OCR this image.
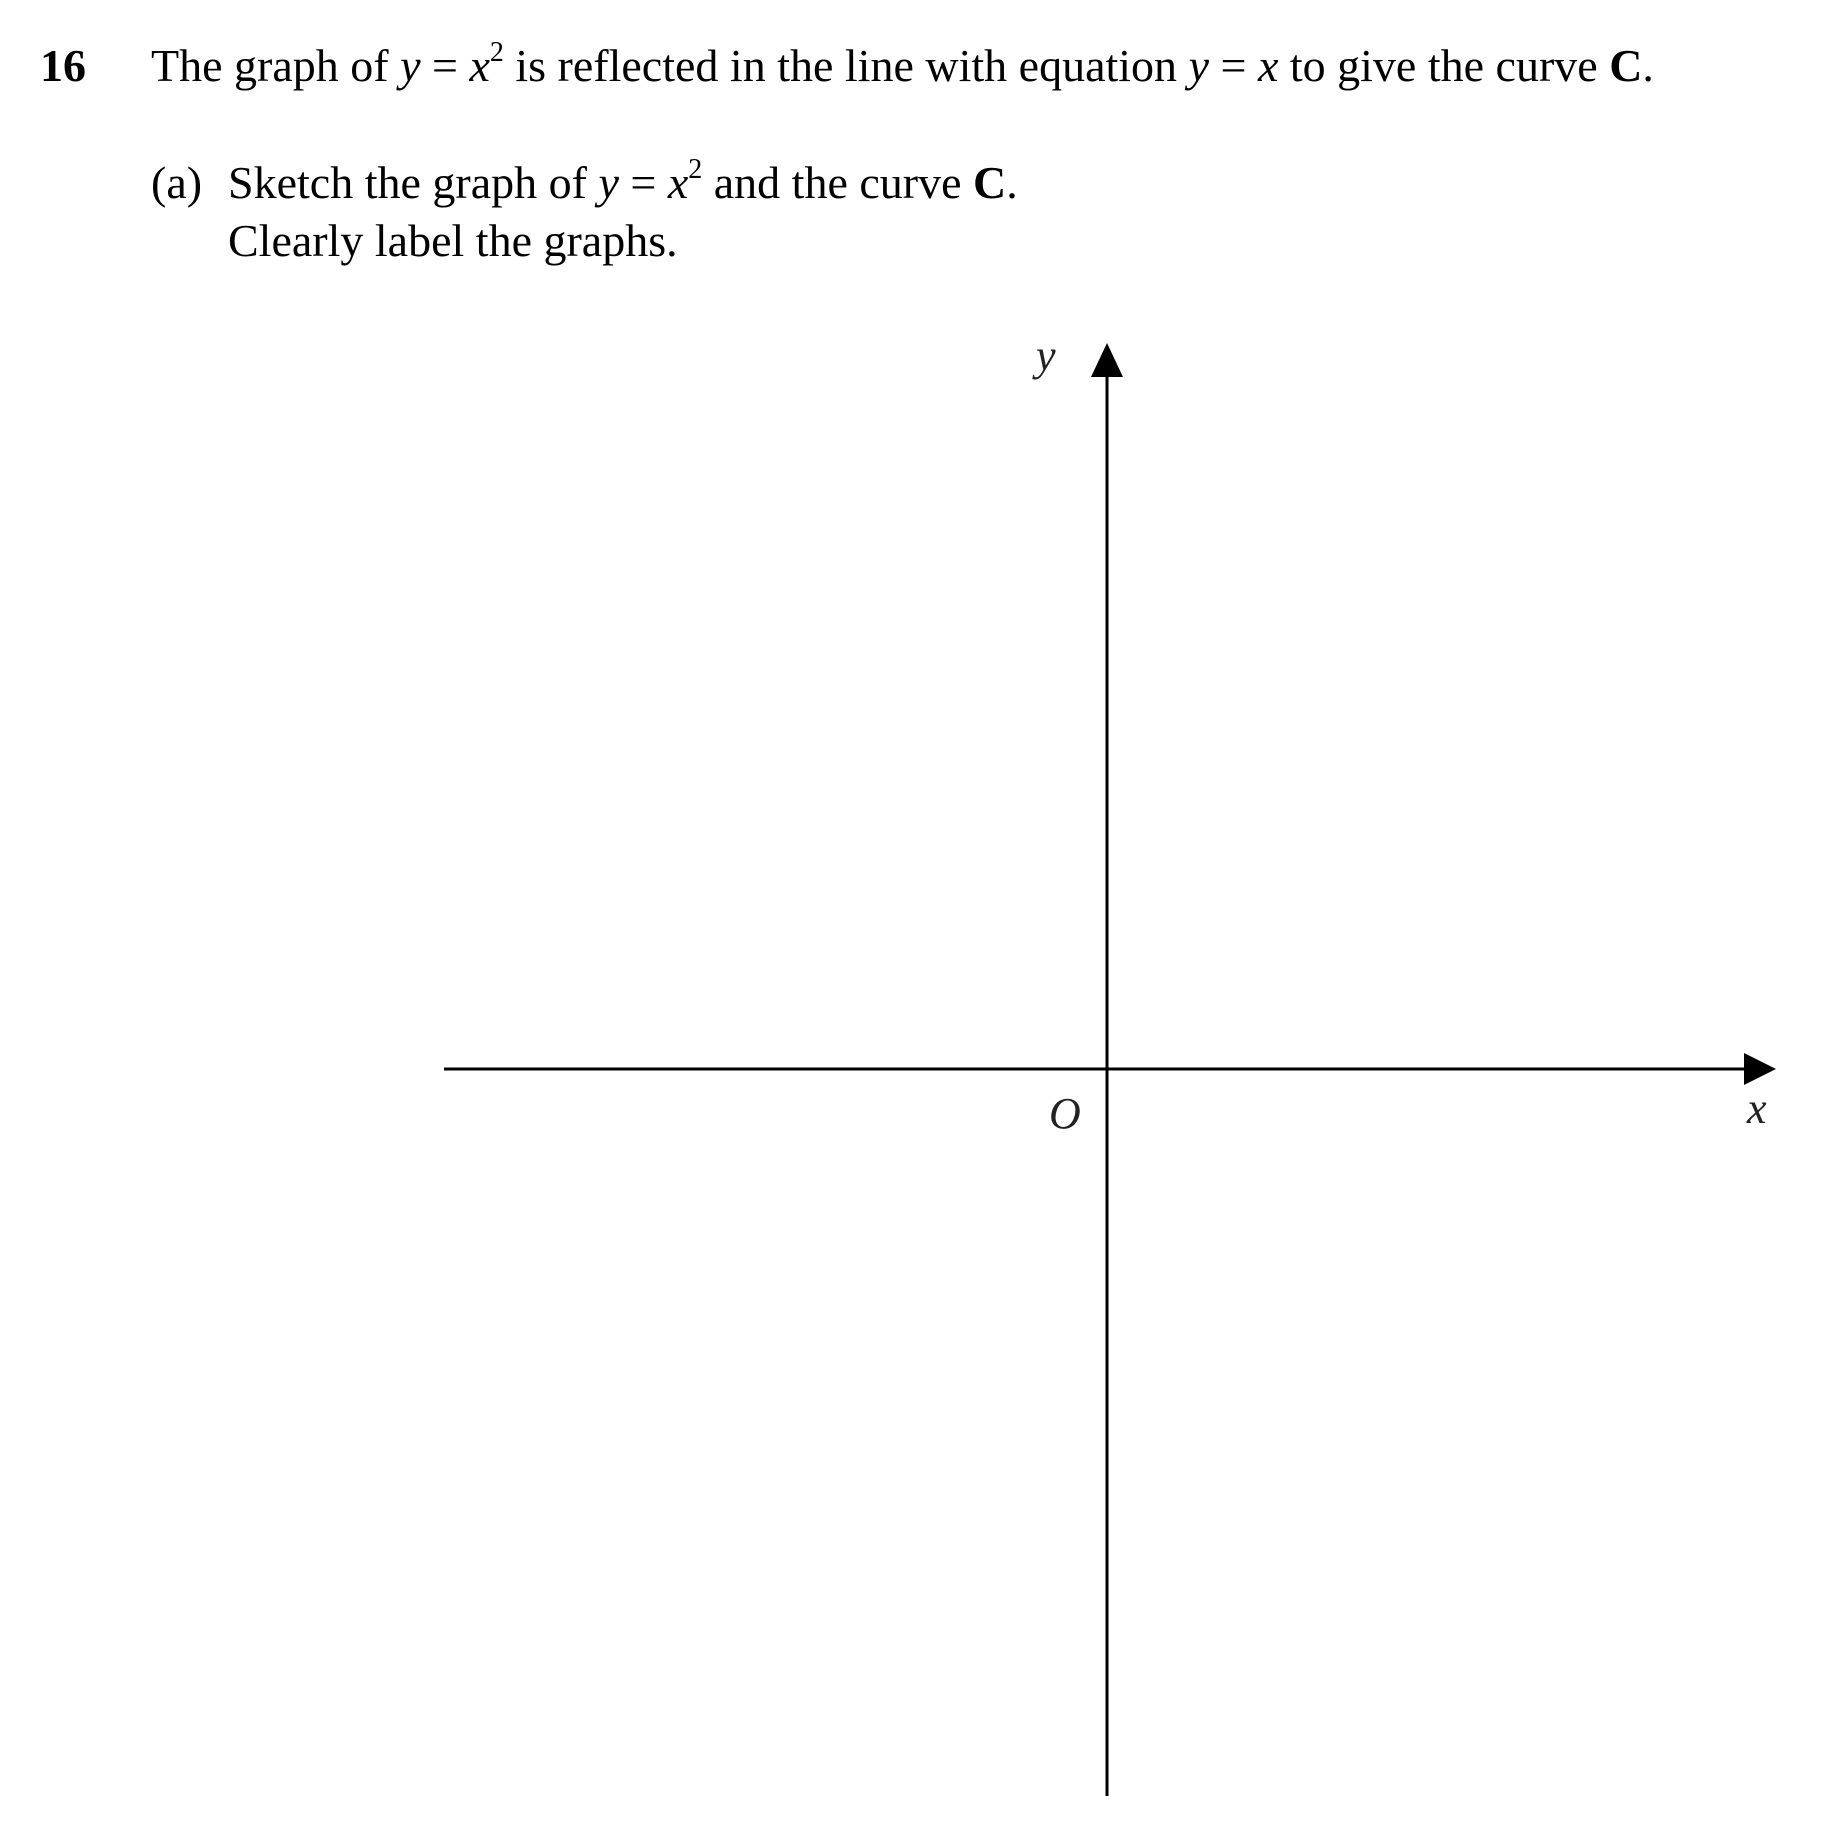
16 The graph of $y = x^2$ is reflected in the line with equation y = x to give the curve C.
(a) Sketch the graph of $y = x^2$ and the curve C.
Clearly label the graphs.
y
x
O
